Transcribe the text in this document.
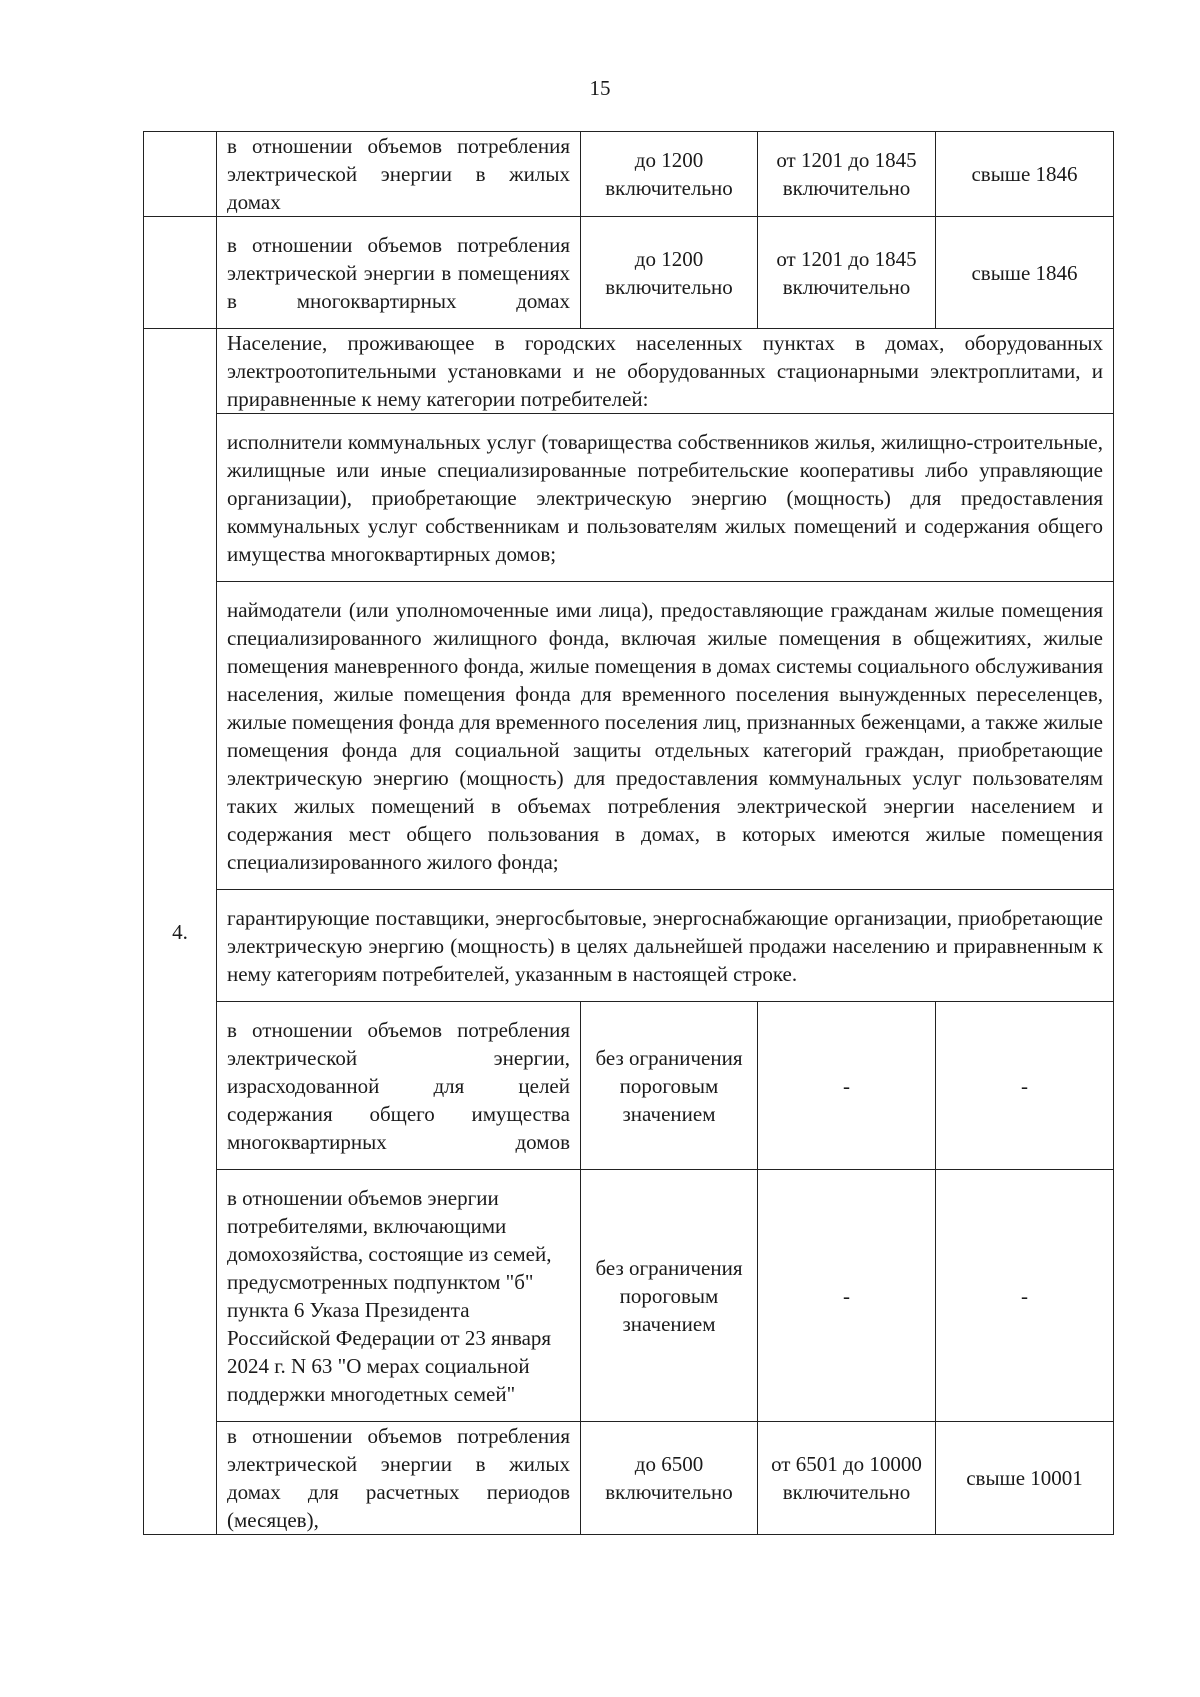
15
	в отношении объемов потребления электрической энергии в жилых домах	до 1200 включительно	от 1201 до 1845 включительно	свыше 1846
	в отношении объемов потребления электрической энергии в помещениях в многоквартирных домах	до 1200 включительно	от 1201 до 1845 включительно	свыше 1846
4.	Население, проживающее в городских населенных пунктах в домах, оборудованных электроотопительными установками и не оборудованных стационарными электроплитами, и приравненные к нему категории потребителей:			
	исполнители коммунальных услуг (товарищества собственников жилья, жилищно-строительные, жилищные или иные специализированные потребительские кооперативы либо управляющие организации), приобретающие электрическую энергию (мощность) для предоставления коммунальных услуг собственникам и пользователям жилых помещений и содержания общего имущества многоквартирных домов;			
	наймодатели (или уполномоченные ими лица), предоставляющие гражданам жилые помещения специализированного жилищного фонда, включая жилые помещения в общежитиях, жилые помещения маневренного фонда, жилые помещения в домах системы социального обслуживания населения, жилые помещения фонда для временного поселения вынужденных переселенцев, жилые помещения фонда для временного поселения лиц, признанных беженцами, а также жилые помещения фонда для социальной защиты отдельных категорий граждан, приобретающие электрическую энергию (мощность) для предоставления коммунальных услуг пользователям таких жилых помещений в объемах потребления электрической энергии населением и содержания мест общего пользования в домах, в которых имеются жилые помещения специализированного жилого фонда;			
	гарантирующие поставщики, энергосбытовые, энергоснабжающие организации, приобретающие электрическую энергию (мощность) в целях дальнейшей продажи населению и приравненным к нему категориям потребителей, указанным в настоящей строке.			
	в отношении объемов потребления электрической энергии, израсходованной для целей содержания общего имущества многоквартирных домов	без ограничения пороговым значением	-	-
	в отношении объемов энергии потребителями, включающими домохозяйства, состоящие из семей, предусмотренных подпунктом "б" пункта 6 Указа Президента Российской Федерации от 23 января 2024 г. N 63 "О мерах социальной поддержки многодетных семей"	без ограничения пороговым значением	-	-
	в отношении объемов потребления электрической энергии в жилых домах для расчетных периодов (месяцев),	до 6500 включительно	от 6501 до 10000 включительно	свыше 10001
